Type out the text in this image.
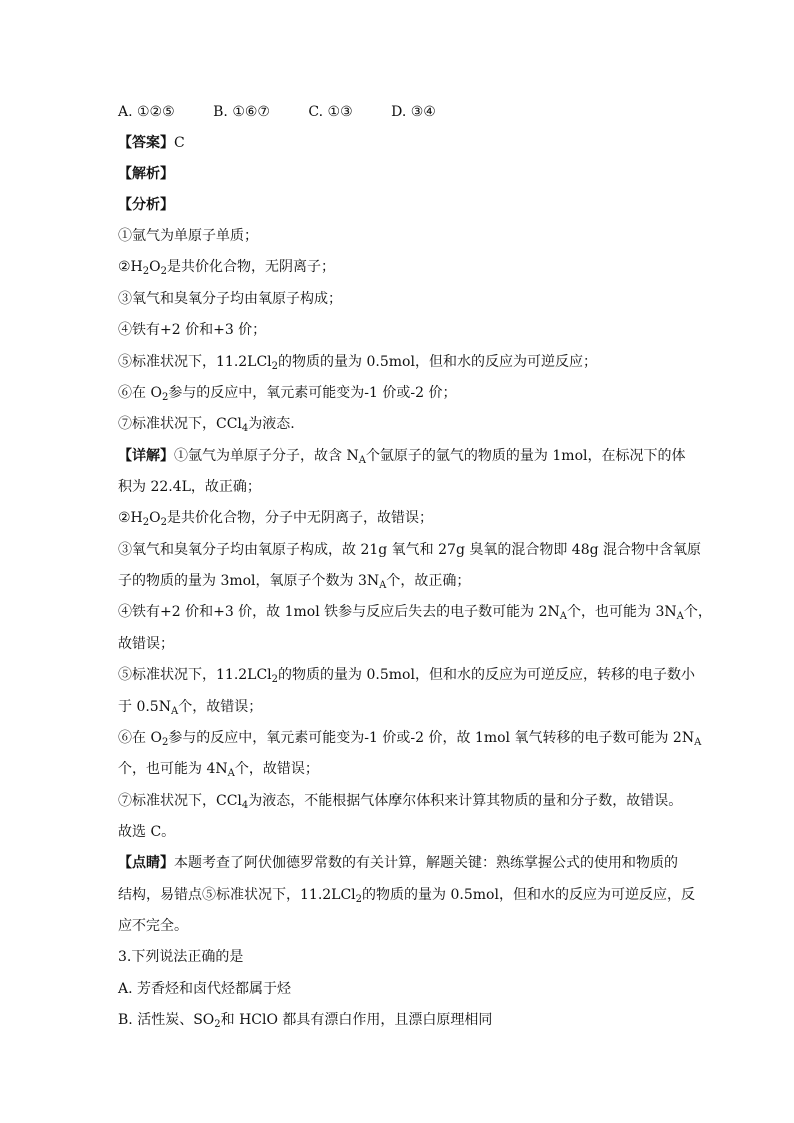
A. ①②⑤	B. ①⑥⑦	C. ①③	D. ③④
【答案】C
【解析】
【分析】
①氩气为单原子单质；
$②H_2O_2$是共价化合物，无阴离子；
③氧气和臭氧分子均由氧原子构成；
④铁有+2 价和+3 价；
⑤标准状况下，11.2LCl$_2$的物质的量为 0.5mol，但和水的反应为可逆反应；
⑥在 $O_2$参与的反应中，氧元素可能变为-1 价或-2 价；
⑦标准状况下，CCl$_4$为液态.
【详解】①氩气为单原子分子，故含 $N_A$个氩原子的氩气的物质的量为 1mol，在标况下的体
积为 22.4L，故正确；
$②H_2O_2$是共价化合物，分子中无阴离子，故错误；
③氧气和臭氧分子均由氧原子构成，故 21g 氧气和 27g 臭氧的混合物即 48g 混合物中含氧原
子的物质的量为 3mol，氧原子个数为 $3N_A$个，故正确；
④铁有+2 价和+3 价，故 1mol 铁参与反应后失去的电子数可能为 $2N_A$个，也可能为 $3N_A$个，
故错误；
⑤标准状况下，11.2LCl$_2$的物质的量为 0.5mol，但和水的反应为可逆反应，转移的电子数小
于 $0.5N_A$个，故错误；
⑥在 $O_2$参与的反应中，氧元素可能变为-1 价或-2 价，故 1mol 氧气转移的电子数可能为 $2N_A$
个，也可能为 $4N_A$个，故错误；
⑦标准状况下，CCl$_4$为液态，不能根据气体摩尔体积来计算其物质的量和分子数，故错误。
故选 C。
【点睛】本题考查了阿伏伽德罗常数的有关计算，解题关键：熟练掌握公式的使用和物质的
结构，易错点⑤标准状况下，11.2LCl$_2$的物质的量为 0.5mol，但和水的反应为可逆反应，反
应不完全。
3.下列说法正确的是
A. 芳香烃和卤代烃都属于烃
B. 活性炭、$SO_2$和 HClO 都具有漂白作用，且漂白原理相同
